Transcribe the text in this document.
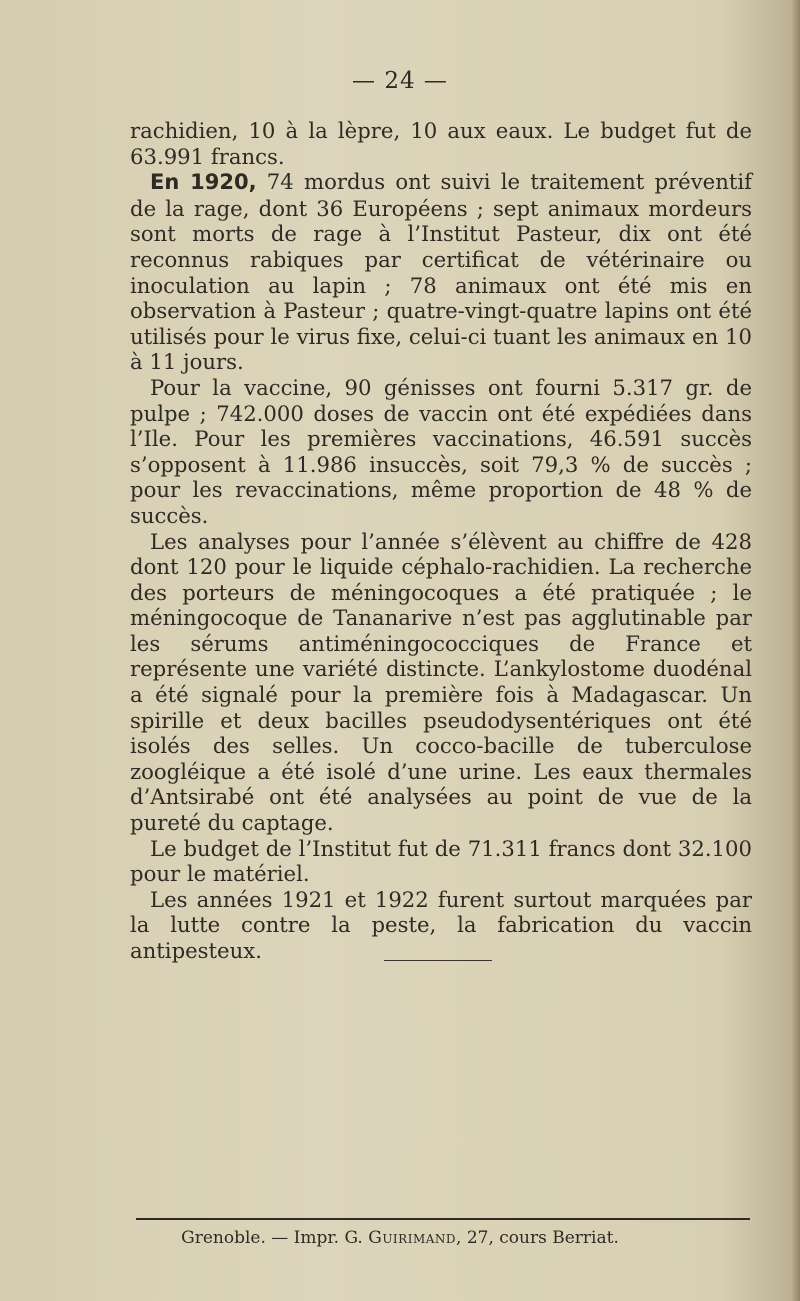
— 24 —

rachidien, 10 à la lèpre, 10 aux eaux. Le budget fut de 63.991 francs.

En 1920, 74 mordus ont suivi le traitement préventif de la rage, dont 36 Européens ; sept animaux mordeurs sont morts de rage à l’Institut Pasteur, dix ont été reconnus rabiques par certificat de vétérinaire ou inoculation au lapin ; 78 animaux ont été mis en observation à Pasteur ; quatre-vingt-quatre lapins ont été utilisés pour le virus fixe, celui-ci tuant les animaux en 10 à 11 jours.

Pour la vaccine, 90 génisses ont fourni 5.317 gr. de pulpe ; 742.000 doses de vaccin ont été expédiées dans l’Ile. Pour les premières vaccinations, 46.591 succès s’opposent à 11.986 insuccès, soit 79,3 % de succès ; pour les revaccinations, même proportion de 48 % de succès.

Les analyses pour l’année s’élèvent au chiffre de 428 dont 120 pour le liquide céphalo-rachidien. La recherche des porteurs de méningocoques a été pratiquée ; le méningocoque de Tananarive n’est pas agglutinable par les sérums antiméningococciques de France et représente une variété distincte. L’ankylostome duodénal a été signalé pour la première fois à Madagascar. Un spirille et deux bacilles pseudodysentériques ont été isolés des selles. Un cocco-bacille de tuberculose zoogléique a été isolé d’une urine. Les eaux thermales d’Antsirabé ont été analysées au point de vue de la pureté du captage.

Le budget de l’Institut fut de 71.311 francs dont 32.100 pour le matériel.

Les années 1921 et 1922 furent surtout marquées par la lutte contre la peste, la fabrication du vaccin antipesteux.

Grenoble. — Impr. G. Guirimand, 27, cours Berriat.
